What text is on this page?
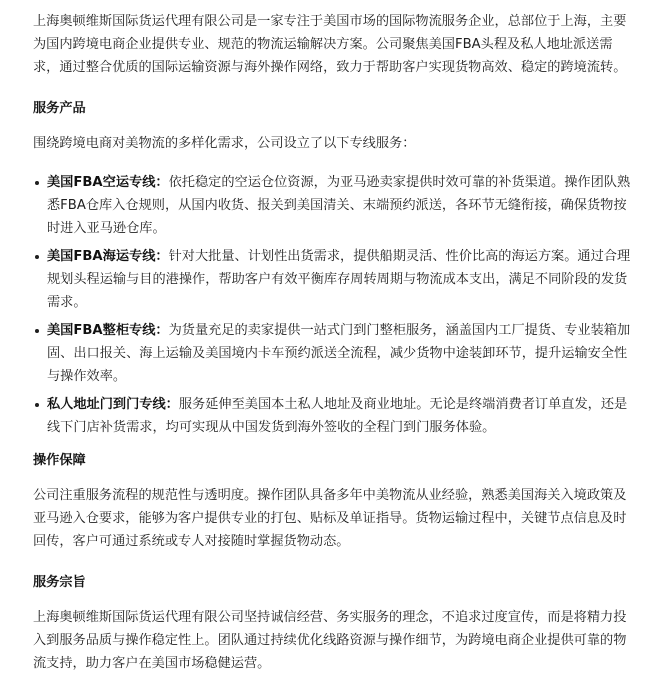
上海奥顿维斯国际货运代理有限公司是一家专注于美国市场的国际物流服务企业，总部位于上海，主要为国内跨境电商企业提供专业、规范的物流运输解决方案。公司聚焦美国FBA头程及私人地址派送需求，通过整合优质的国际运输资源与海外操作网络，致力于帮助客户实现货物高效、稳定的跨境流转。

服务产品

围绕跨境电商对美物流的多样化需求，公司设立了以下专线服务：

美国FBA空运专线：依托稳定的空运仓位资源，为亚马逊卖家提供时效可靠的补货渠道。操作团队熟悉FBA仓库入仓规则，从国内收货、报关到美国清关、末端预约派送，各环节无缝衔接，确保货物按时进入亚马逊仓库。
美国FBA海运专线：针对大批量、计划性出货需求，提供船期灵活、性价比高的海运方案。通过合理规划头程运输与目的港操作，帮助客户有效平衡库存周转周期与物流成本支出，满足不同阶段的发货需求。
美国FBA整柜专线：为货量充足的卖家提供一站式门到门整柜服务，涵盖国内工厂提货、专业装箱加固、出口报关、海上运输及美国境内卡车预约派送全流程，减少货物中途装卸环节，提升运输安全性与操作效率。
私人地址门到门专线：服务延伸至美国本土私人地址及商业地址。无论是终端消费者订单直发，还是线下门店补货需求，均可实现从中国发货到海外签收的全程门到门服务体验。
操作保障

公司注重服务流程的规范性与透明度。操作团队具备多年中美物流从业经验，熟悉美国海关入境政策及亚马逊入仓要求，能够为客户提供专业的打包、贴标及单证指导。货物运输过程中，关键节点信息及时回传，客户可通过系统或专人对接随时掌握货物动态。

服务宗旨

上海奥顿维斯国际货运代理有限公司坚持诚信经营、务实服务的理念，不追求过度宣传，而是将精力投入到服务品质与操作稳定性上。团队通过持续优化线路资源与操作细节，为跨境电商企业提供可靠的物流支持，助力客户在美国市场稳健运营。
